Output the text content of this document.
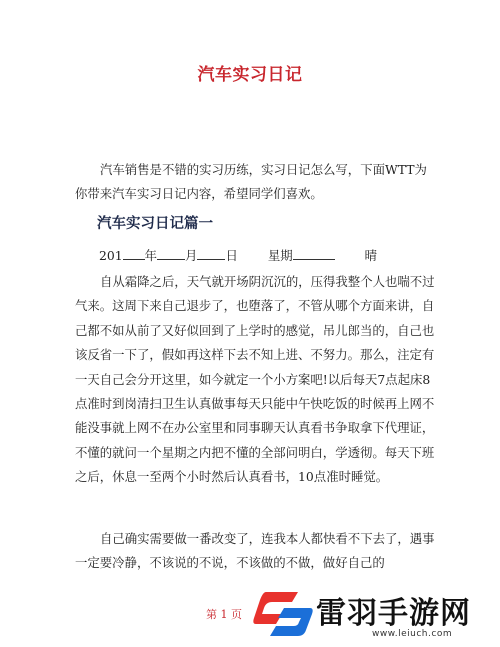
汽车实习日记

汽车销售是不错的实习历练，实习日记怎么写，下面WTT为你带来汽车实习日记内容，希望同学们喜欢。

汽车实习日记篇一
201 年 月 日 星期	晴

自从霜降之后，天气就开场阴沉沉的，压得我整个人也喘不过气来。这周下来自己退步了，也堕落了，不管从哪个方面来讲，自己都不如从前了又好似回到了上学时的感觉，吊儿郎当的，自己也该反省一下了，假如再这样下去不知上进、不努力。那么，注定有一天自己会分开这里，如今就定一个小方案吧!以后每天7点起床8点准时到岗清扫卫生认真做事每天只能中午快吃饭的时候再上网不能没事就上网不在办公室里和同事聊天认真看书争取拿下代理证，不懂的就问一个星期之内把不懂的全部问明白，学透彻。每天下班之后，休息一至两个小时然后认真看书，10点准时睡觉。

自己确实需要做一番改变了，连我本人都快看不下去了，遇事一定要冷静，不该说的不说，不该做的不做，做好自己的

第 1 页 雷羽手游网
www.leiuch.com
